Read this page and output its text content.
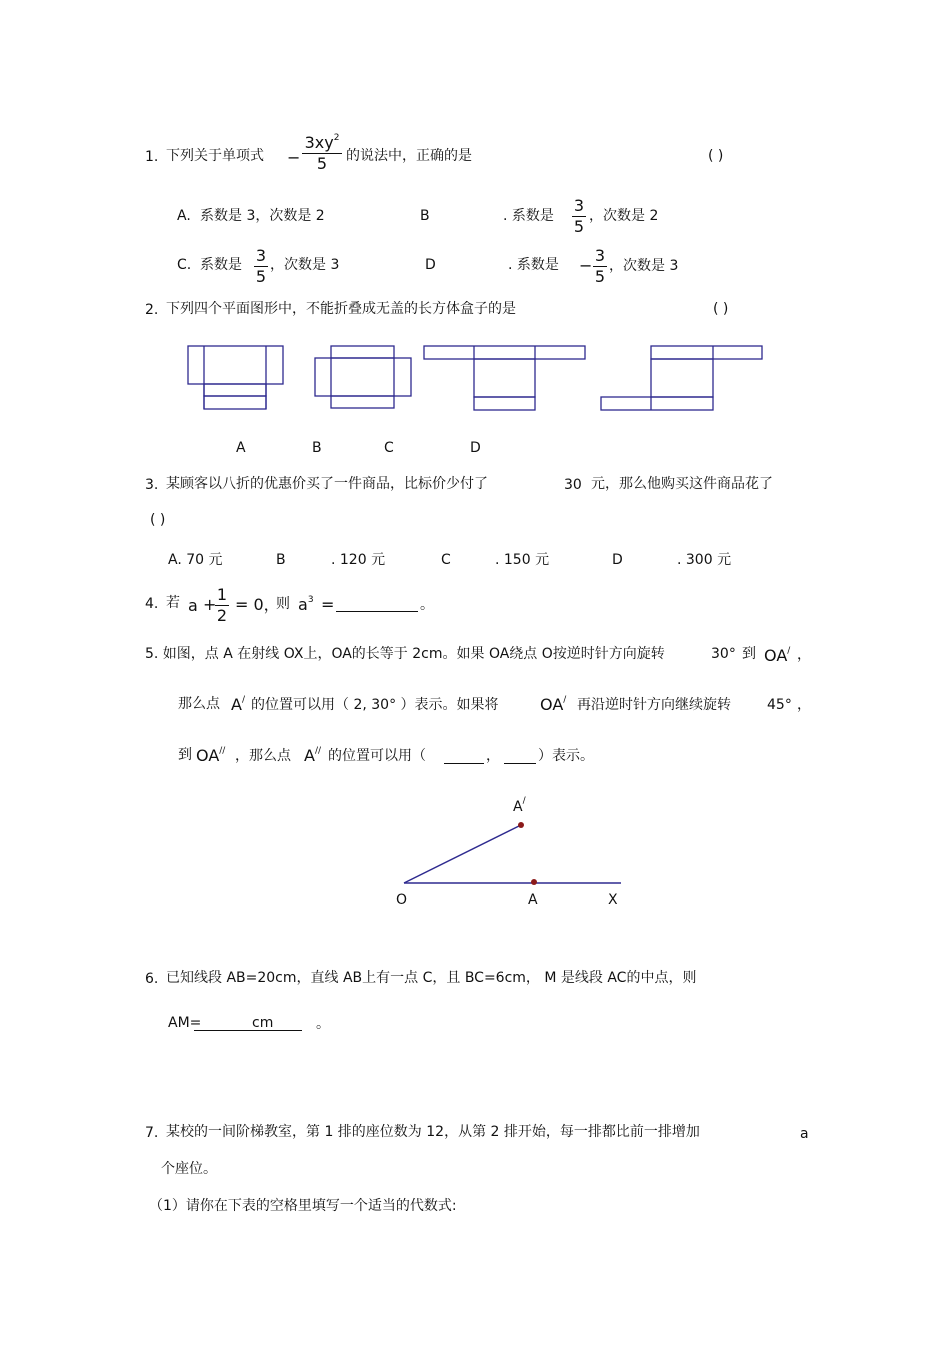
1. 下列关于单项式 −
$3xy^2$
5	的说法中，正确的是	( )
A. 系数是 3，次数是 2	B	. 系数是
3
5
，次数是 2
C. 系数是 3
5
，次数是 3	D	. 系数是 −
3
5
，次数是 3
2. 下列四个平面图形中，不能折叠成无盖的长方体盒子的是	( )
A	B	C	D
3. 某顾客以八折的优惠价买了一件商品，比标价少付了	30 元，那么他购买这件商品花了
( )
A. 70 元	B	. 120 元	C	. 150 元	D	. 300 元
4. 若 a +
1
2
= 0，
则 $a^3$ =	。
5. 如图，点 A 在射线 OX上，OA的长等于 2cm。如果 OA绕点 O按逆时针方向旋转	30° 到 OA/ ，
那么点 A/ 的位置可以用（ 2, 30° ）表示。如果将	OA/ 再沿逆时针方向继续旋转	45° ，
到 OA// ，那么点 A// 的位置可以用（	，	）表示。
A/
O	A	X
6. 已知线段 AB=20cm，直线 AB上有一点 C，且 BC=6cm， M 是线段 AC的中点，则
AM=	cm	。
7. 某校的一间阶梯教室，第 1 排的座位数为 12，从第 2 排开始，每一排都比前一排增加	a
个座位。
（1）请你在下表的空格里填写一个适当的代数式:
